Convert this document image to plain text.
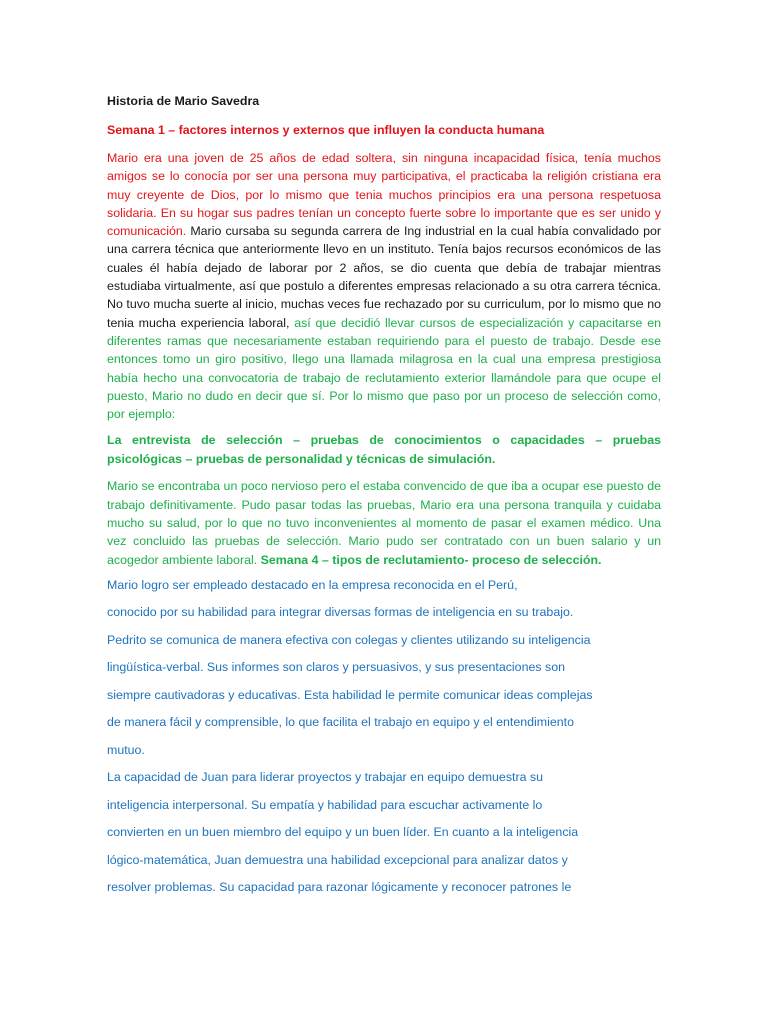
Historia de Mario Savedra

Semana 1 – factores internos y externos que influyen la conducta humana

Mario era una joven de 25 años de edad soltera, sin ninguna incapacidad física, tenía muchos amigos se lo conocía por ser una persona muy participativa, el practicaba la religión cristiana era muy creyente de Dios, por lo mismo que tenia muchos principios era una persona respetuosa solidaria. En su hogar sus padres tenían un concepto fuerte sobre lo importante que es ser unido y comunicación. Mario cursaba su segunda carrera de Ing industrial en la cual había convalidado por una carrera técnica que anteriormente llevo en un instituto. Tenía bajos recursos económicos de las cuales él había dejado de laborar por 2 años, se dio cuenta que debía de trabajar mientras estudiaba virtualmente, así que postulo a diferentes empresas relacionado a su otra carrera técnica. No tuvo mucha suerte al inicio, muchas veces fue rechazado por su curriculum, por lo mismo que no tenia mucha experiencia laboral, así que decidió llevar cursos de especialización y capacitarse en diferentes ramas que necesariamente estaban requiriendo para el puesto de trabajo. Desde ese entonces tomo un giro positivo, llego una llamada milagrosa en la cual una empresa prestigiosa había hecho una convocatoria de trabajo de reclutamiento exterior llamándole para que ocupe el puesto, Mario no dudo en decir que sí. Por lo mismo que paso por un proceso de selección como, por ejemplo:

La entrevista de selección – pruebas de conocimientos o capacidades – pruebas psicológicas – pruebas de personalidad y técnicas de simulación.

Mario se encontraba un poco nervioso pero el estaba convencido de que iba a ocupar ese puesto de trabajo definitivamente. Pudo pasar todas las pruebas, Mario era una persona tranquila y cuidaba mucho su salud, por lo que no tuvo inconvenientes al momento de pasar el examen médico. Una vez concluido las pruebas de selección. Mario pudo ser contratado con un buen salario y un acogedor ambiente laboral. Semana 4 – tipos de reclutamiento- proceso de selección.

Mario logro ser empleado destacado en la empresa reconocida en el Perú,

conocido por su habilidad para integrar diversas formas de inteligencia en su trabajo.

Pedrito se comunica de manera efectiva con colegas y clientes utilizando su inteligencia

lingüística-verbal. Sus informes son claros y persuasivos, y sus presentaciones son

siempre cautivadoras y educativas. Esta habilidad le permite comunicar ideas complejas

de manera fácil y comprensible, lo que facilita el trabajo en equipo y el entendimiento

mutuo.

La capacidad de Juan para liderar proyectos y trabajar en equipo demuestra su

inteligencia interpersonal. Su empatía y habilidad para escuchar activamente lo

convierten en un buen miembro del equipo y un buen líder. En cuanto a la inteligencia

lógico-matemática, Juan demuestra una habilidad excepcional para analizar datos y

resolver problemas. Su capacidad para razonar lógicamente y reconocer patrones le
